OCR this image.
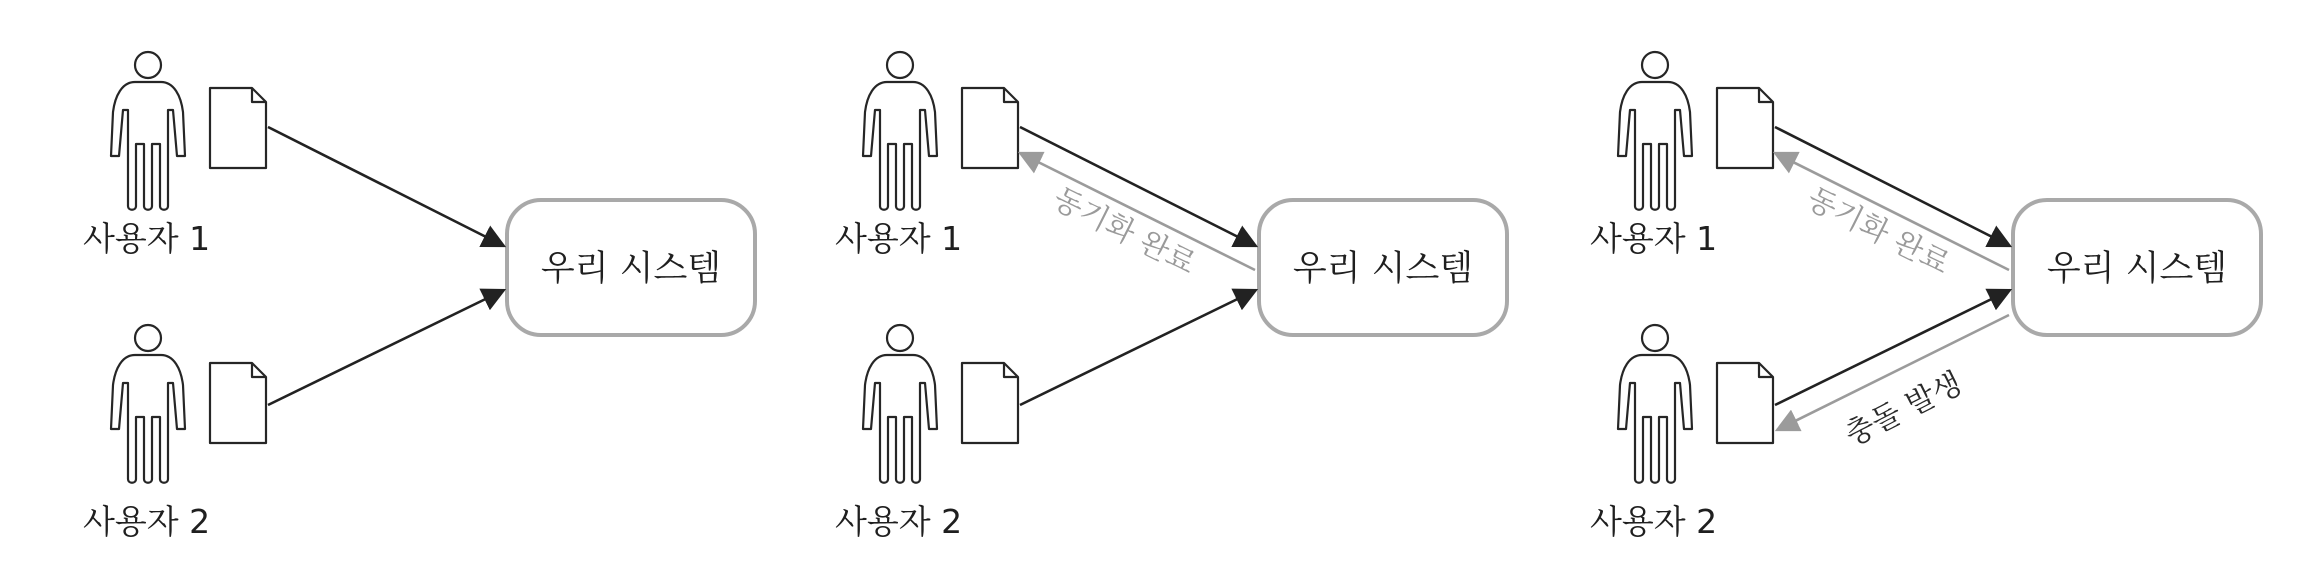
사용자 1
사용자 2
우리 시스템
사용자 1
사용자 2
우리 시스템
동기화 완료	사용자 1
사용자 2
우리 시스템
동기화 완료
충돌 발생
